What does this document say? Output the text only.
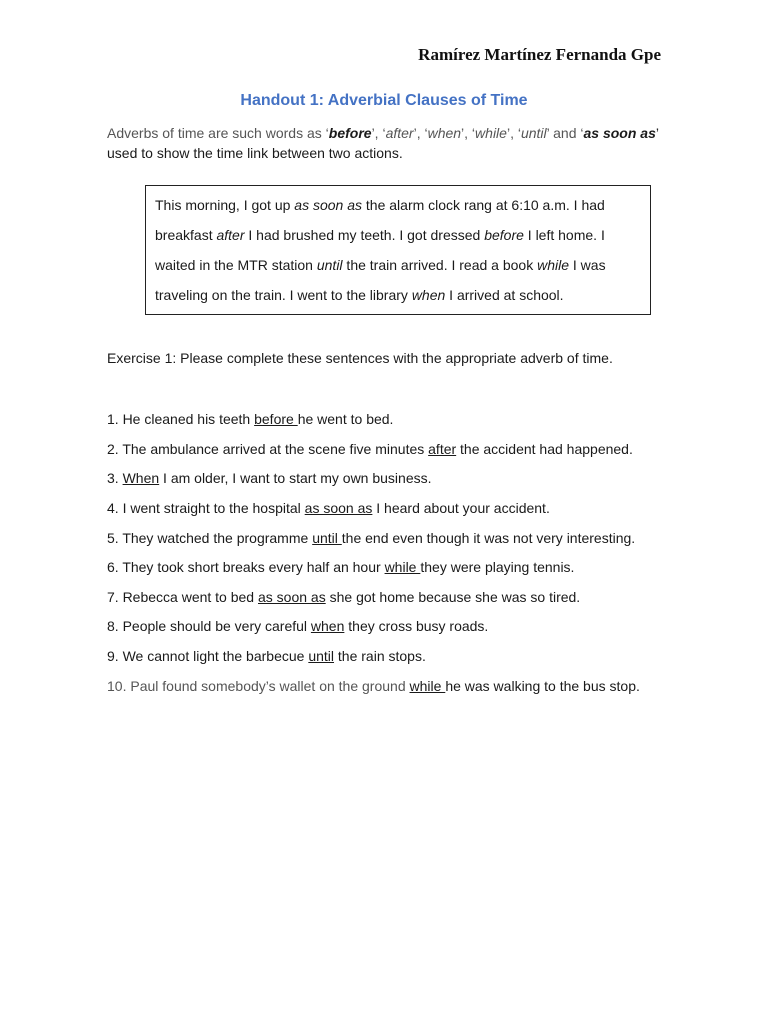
Ramírez Martínez Fernanda Gpe
Handout 1: Adverbial Clauses of Time
Adverbs of time are such words as ‘before’, ‘after’, ‘when’, ‘while’, ‘until’ and ‘as soon as’ used to show the time link between two actions.
This morning, I got up as soon as the alarm clock rang at 6:10 a.m. I had breakfast after I had brushed my teeth. I got dressed before I left home. I waited in the MTR station until the train arrived. I read a book while I was traveling on the train. I went to the library when I arrived at school.
Exercise 1: Please complete these sentences with the appropriate adverb of time.
1. He cleaned his teeth before he went to bed.
2. The ambulance arrived at the scene five minutes after the accident had happened.
3. When I am older, I want to start my own business.
4. I went straight to the hospital as soon as I heard about your accident.
5. They watched the programme until the end even though it was not very interesting.
6. They took short breaks every half an hour while they were playing tennis.
7. Rebecca went to bed as soon as she got home because she was so tired.
8. People should be very careful when they cross busy roads.
9. We cannot light the barbecue until the rain stops.
10. Paul found somebody’s wallet on the ground while he was walking to the bus stop.
